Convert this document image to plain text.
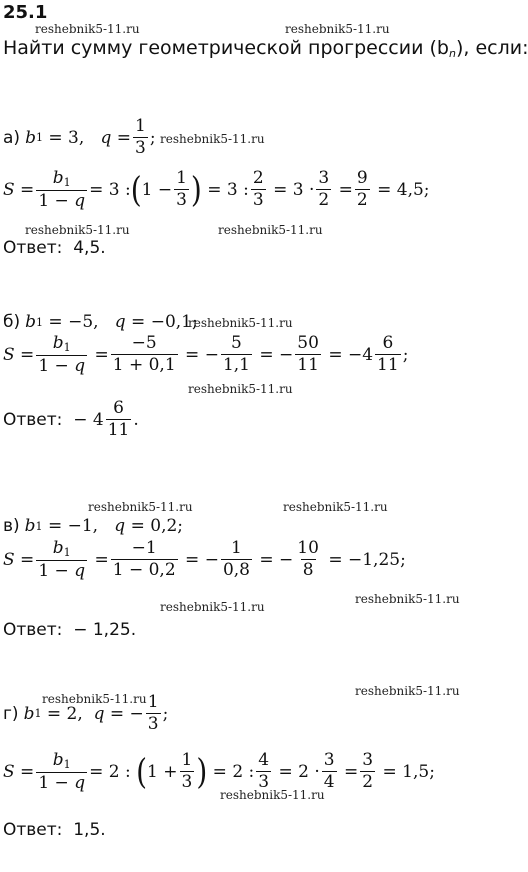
25.1
Найти сумму геометрической прогрессии $(b_n)$, если:
а) b 1 = 3 , $q = \frac{1}{3}$ ;
$S = \frac{b_1}{1 - q} = 3$ : ( $1 - \frac{1}{3}$ )
= 3 : $\frac{2}{3}$
= $3 \cdot \frac{3}{2} = \frac{9}{2}$
= 4,5;
Ответ: 4,5.
б) b 1 = −5 , q = −0,1;
$S = \frac{b_1}{1 - q} = \frac{-5}{1 + 0,1}$ = − $\frac{5}{1,1}$ = − $\frac{50}{11}$
= $-4 \frac{6}{11}$ ;
Ответ:
− $4 \frac{6}{11}$ .
в) b 1 = −1 , q = 0,2;
$S = \frac{b_1}{1 - q} = \frac{-1}{1 - 0,2}$ = − $\frac{1}{0,8}$ = − $\frac{10}{8}$
= −1,25;
Ответ: − 1,25.
г) b 1 = 2 , q = − $\frac{1}{3}$ ;
$S = \frac{b_1}{1 - q} = 2$ :
( $1 + \frac{1}{3}$ )
= 2 : $\frac{4}{3}$
= $2 \cdot \frac{3}{4} = \frac{3}{2}$
= 1,5;
Ответ: 1,5.
reshebnik5-11.ru	reshebnik5-11.ru
reshebnik5-11.ru
reshebnik5-11.ru	reshebnik5-11.ru
reshebnik5-11.ru
reshebnik5-11.ru
reshebnik5-11.ru	reshebnik5-11.ru
reshebnik5-11.ru
reshebnik5-11.ru
reshebnik5-11.ru
reshebnik5-11.ru
reshebnik5-11.ru
